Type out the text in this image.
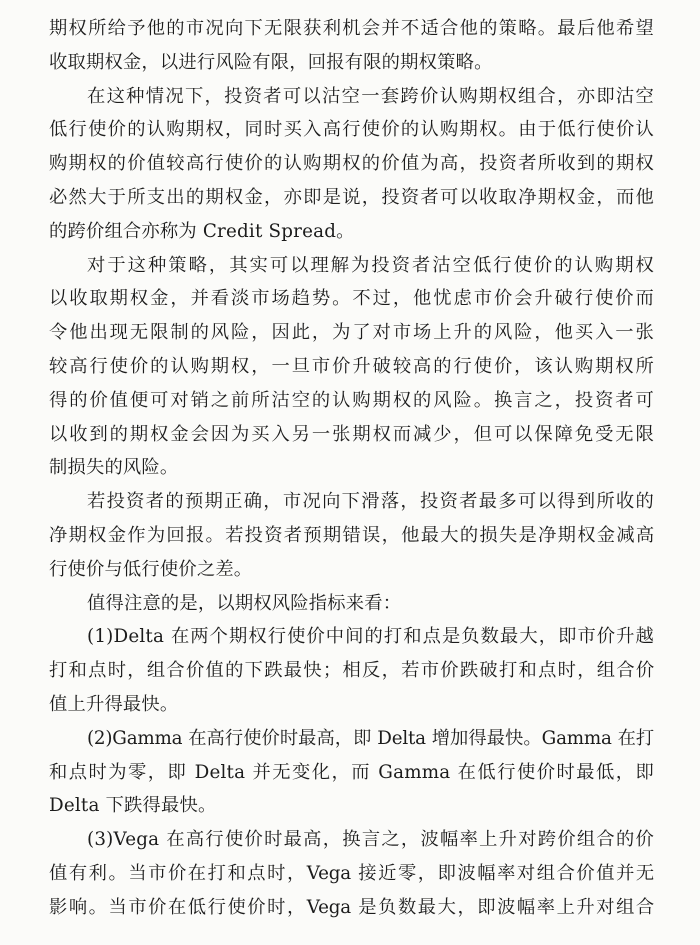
期权所给予他的市况向下无限获利机会并不适合他的策略。最后他希望
收取期权金，以进行风险有限，回报有限的期权策略。
在这种情况下，投资者可以沽空一套跨价认购期权组合，亦即沽空
低行使价的认购期权，同时买入高行使价的认购期权。由于低行使价认
购期权的价值较高行使价的认购期权的价值为高，投资者所收到的期权
必然大于所支出的期权金，亦即是说，投资者可以收取净期权金，而他
的跨价组合亦称为 Credit Spread。
对于这种策略，其实可以理解为投资者沽空低行使价的认购期权
以收取期权金，并看淡市场趋势。不过，他忧虑市价会升破行使价而
令他出现无限制的风险，因此，为了对市场上升的风险，他买入一张
较高行使价的认购期权，一旦市价升破较高的行使价，该认购期权所
得的价值便可对销之前所沽空的认购期权的风险。换言之，投资者可
以收到的期权金会因为买入另一张期权而减少，但可以保障免受无限
制损失的风险。
若投资者的预期正确，市况向下滑落，投资者最多可以得到所收的
净期权金作为回报。若投资者预期错误，他最大的损失是净期权金减高
行使价与低行使价之差。
值得注意的是，以期权风险指标来看：
(1)Delta 在两个期权行使价中间的打和点是负数最大，即市价升越
打和点时，组合价值的下跌最快；相反，若市价跌破打和点时，组合价
值上升得最快。
(2)Gamma 在高行使价时最高，即 Delta 增加得最快。Gamma 在打
和点时为零，即 Delta 并无变化，而 Gamma 在低行使价时最低，即
Delta 下跌得最快。
(3)Vega 在高行使价时最高，换言之，波幅率上升对跨价组合的价
值有利。当市价在打和点时，Vega 接近零，即波幅率对组合价值并无
影响。当市价在低行使价时，Vega 是负数最大，即波幅率上升对组合
